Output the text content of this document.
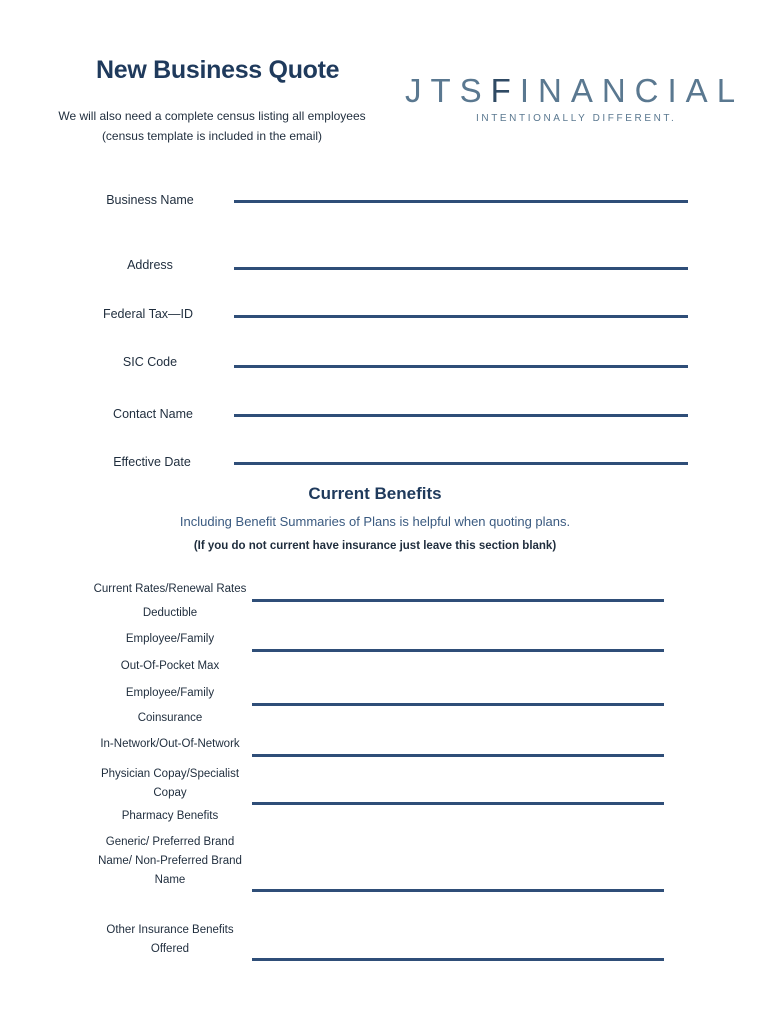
New Business Quote
We will also need a complete census listing all employees
(census template is included in the email)
JTSFINANCIAL
INTENTIONALLY DIFFERENT.
Business Name
Address
Federal Tax—ID
SIC Code
Contact Name
Effective Date
Current Benefits
Including Benefit Summaries of Plans is helpful when quoting plans.
(If you do not current have insurance just leave this section blank)
Current Rates/Renewal Rates
Deductible
Employee/Family
Out-Of-Pocket Max
Employee/Family
Coinsurance
In-Network/Out-Of-Network
Physician Copay/Specialist
Copay
Pharmacy Benefits
Generic/ Preferred Brand
Name/ Non-Preferred Brand
Name
Other Insurance Benefits
Offered
